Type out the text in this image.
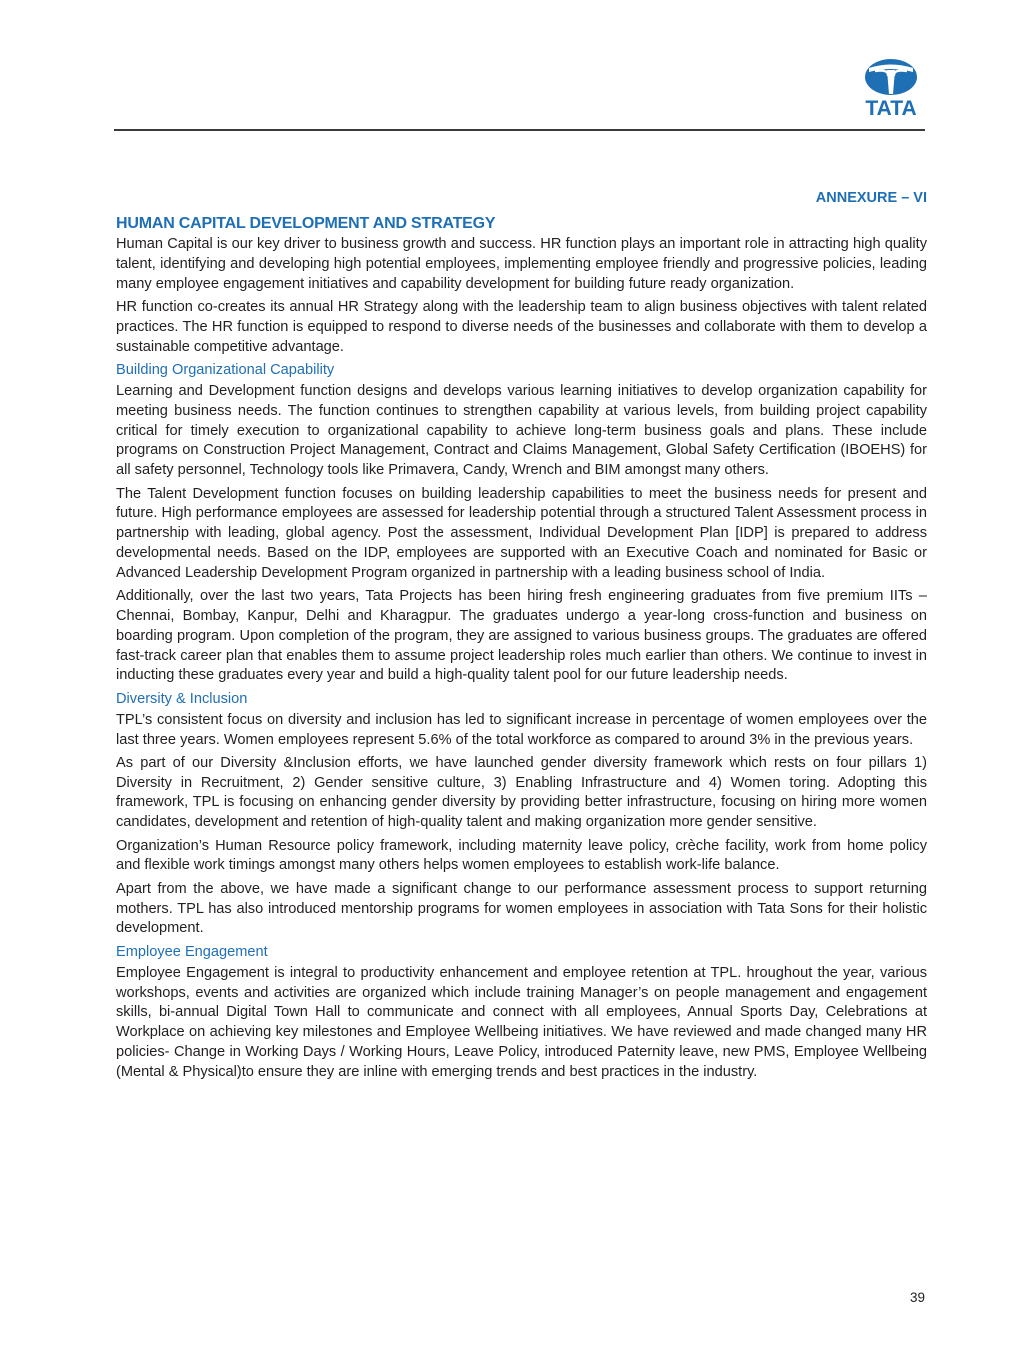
TATA
ANNEXURE – VI
HUMAN CAPITAL DEVELOPMENT AND STRATEGY

Human Capital is our key driver to business growth and success. HR function plays an important role in attracting high quality talent, identifying and developing high potential employees, implementing employee friendly and progressive policies, leading many employee engagement initiatives and capability development for building future ready organization.

HR function co-creates its annual HR Strategy along with the leadership team to align business objectives with talent related practices. The HR function is equipped to respond to diverse needs of the businesses and collaborate with them to develop a sustainable competitive advantage.

Building Organizational Capability

Learning and Development function designs and develops various learning initiatives to develop organization capability for meeting business needs. The function continues to strengthen capability at various levels, from building project capability critical for timely execution to organizational capability to achieve long-term business goals and plans. These include programs on Construction Project Management, Contract and Claims Management, Global Safety Certification (IBOEHS) for all safety personnel, Technology tools like Primavera, Candy, Wrench and BIM amongst many others.

The Talent Development function focuses on building leadership capabilities to meet the business needs for present and future. High performance employees are assessed for leadership potential through a structured Talent Assessment process in partnership with leading, global agency. Post the assessment, Individual Development Plan [IDP] is prepared to address developmental needs. Based on the IDP, employees are supported with an Executive Coach and nominated for Basic or Advanced Leadership Development Program organized in partnership with a leading business school of India.

Additionally, over the last two years, Tata Projects has been hiring fresh engineering graduates from five premium IITs – Chennai, Bombay, Kanpur, Delhi and Kharagpur. The graduates undergo a year-long cross-function and business on boarding program. Upon completion of the program, they are assigned to various business groups. The graduates are offered fast-track career plan that enables them to assume project leadership roles much earlier than others. We continue to invest in inducting these graduates every year and build a high-quality talent pool for our future leadership needs.

Diversity & Inclusion

TPL’s consistent focus on diversity and inclusion has led to significant increase in percentage of women employees over the last three years. Women employees represent 5.6% of the total workforce as compared to around 3% in the previous years.

As part of our Diversity &Inclusion efforts, we have launched gender diversity framework which rests on four pillars 1) Diversity in Recruitment, 2) Gender sensitive culture, 3) Enabling Infrastructure and 4) Women toring. Adopting this framework, TPL is focusing on enhancing gender diversity by providing better infrastructure, focusing on hiring more women candidates, development and retention of high-quality talent and making organization more gender sensitive.

Organization’s Human Resource policy framework, including maternity leave policy, crèche facility, work from home policy and flexible work timings amongst many others helps women employees to establish work-life balance.

Apart from the above, we have made a significant change to our performance assessment process to support returning mothers. TPL has also introduced mentorship programs for women employees in association with Tata Sons for their holistic development.

Employee Engagement

Employee Engagement is integral to productivity enhancement and employee retention at TPL. hroughout the year, various workshops, events and activities are organized which include training Manager’s on people management and engagement skills, bi-annual Digital Town Hall to communicate and connect with all employees, Annual Sports Day, Celebrations at Workplace on achieving key milestones and Employee Wellbeing initiatives. We have reviewed and made changed many HR policies- Change in Working Days / Working Hours, Leave Policy, introduced Paternity leave, new PMS, Employee Wellbeing (Mental & Physical)to ensure they are inline with emerging trends and best practices in the industry.

39
